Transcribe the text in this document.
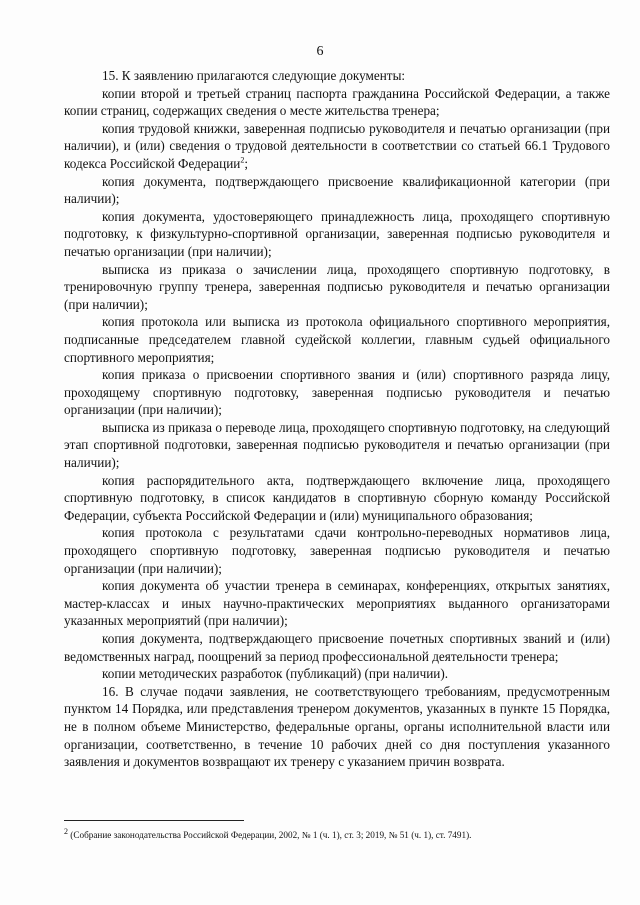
6

15. К заявлению прилагаются следующие документы:

копии второй и третьей страниц паспорта гражданина Российской Федерации, а также копии страниц, содержащих сведения о месте жительства тренера;

копия трудовой книжки, заверенная подписью руководителя и печатью организации (при наличии), и (или) сведения о трудовой деятельности в соответствии со статьей 66.1 Трудового кодекса Российской Федерации$^2$;

копия документа, подтверждающего присвоение квалификационной категории (при наличии);

копия документа, удостоверяющего принадлежность лица, проходящего спортивную подготовку, к физкультурно-спортивной организации, заверенная подписью руководителя и печатью организации (при наличии);

выписка из приказа о зачислении лица, проходящего спортивную подготовку, в тренировочную группу тренера, заверенная подписью руководителя и печатью организации (при наличии);

копия протокола или выписка из протокола официального спортивного мероприятия, подписанные председателем главной судейской коллегии, главным судьей официального спортивного мероприятия;

копия приказа о присвоении спортивного звания и (или) спортивного разряда лицу, проходящему спортивную подготовку, заверенная подписью руководителя и печатью организации (при наличии);

выписка из приказа о переводе лица, проходящего спортивную подготовку, на следующий этап спортивной подготовки, заверенная подписью руководителя и печатью организации (при наличии);

копия распорядительного акта, подтверждающего включение лица, проходящего спортивную подготовку, в список кандидатов в спортивную сборную команду Российской Федерации, субъекта Российской Федерации и (или) муниципального образования;

копия протокола с результатами сдачи контрольно-переводных нормативов лица, проходящего спортивную подготовку, заверенная подписью руководителя и печатью организации (при наличии);

копия документа об участии тренера в семинарах, конференциях, открытых занятиях, мастер-классах и иных научно-практических мероприятиях выданного организаторами указанных мероприятий (при наличии);

копия документа, подтверждающего присвоение почетных спортивных званий и (или) ведомственных наград, поощрений за период профессиональной деятельности тренера;

копии методических разработок (публикаций) (при наличии).

16. В случае подачи заявления, не соответствующего требованиям, предусмотренным пунктом 14 Порядка, или представления тренером документов, указанных в пункте 15 Порядка, не в полном объеме Министерство, федеральные органы, органы исполнительной власти или организации, соответственно, в течение 10 рабочих дней со дня поступления указанного заявления и документов возвращают их тренеру с указанием причин возврата.

$^2$ (Собрание законодательства Российской Федерации, 2002, № 1 (ч. 1), ст. 3; 2019, № 51 (ч. 1), ст. 7491).
